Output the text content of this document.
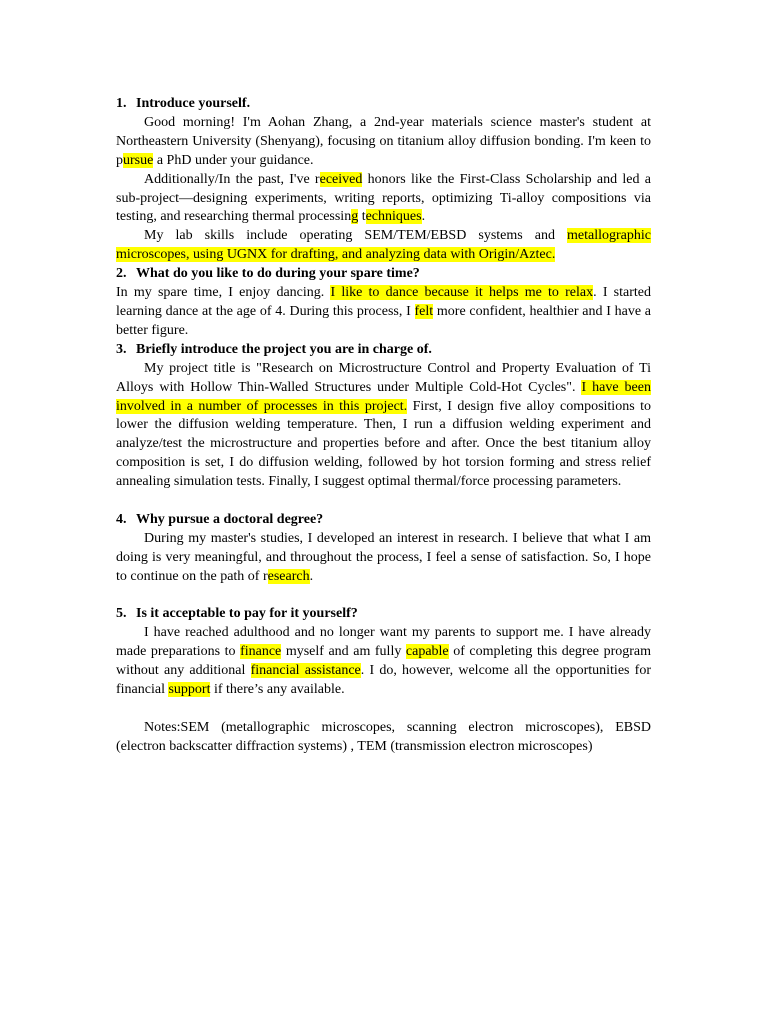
1. Introduce yourself.

Good morning! I'm Aohan Zhang, a 2nd-year materials science master's student at Northeastern University (Shenyang), focusing on titanium alloy diffusion bonding. I'm keen to pursue a PhD under your guidance.

Additionally/In the past, I've received honors like the First-Class Scholarship and led a sub-project—designing experiments, writing reports, optimizing Ti-alloy compositions via testing, and researching thermal processing techniques.

My lab skills include operating SEM/TEM/EBSD systems and metallographic microscopes, using UGNX for drafting, and analyzing data with Origin/Aztec.

2. What do you like to do during your spare time?

In my spare time, I enjoy dancing. I like to dance because it helps me to relax. I started learning dance at the age of 4. During this process, I felt more confident, healthier and I have a better figure.

3. Briefly introduce the project you are in charge of.

My project title is "Research on Microstructure Control and Property Evaluation of Ti Alloys with Hollow Thin-Walled Structures under Multiple Cold-Hot Cycles". I have been involved in a number of processes in this project. First, I design five alloy compositions to lower the diffusion welding temperature. Then, I run a diffusion welding experiment and analyze/test the microstructure and properties before and after. Once the best titanium alloy composition is set, I do diffusion welding, followed by hot torsion forming and stress relief annealing simulation tests. Finally, I suggest optimal thermal/force processing parameters.

4. Why pursue a doctoral degree?

During my master's studies, I developed an interest in research. I believe that what I am doing is very meaningful, and throughout the process, I feel a sense of satisfaction. So, I hope to continue on the path of research.

5. Is it acceptable to pay for it yourself?

I have reached adulthood and no longer want my parents to support me. I have already made preparations to finance myself and am fully capable of completing this degree program without any additional financial assistance. I do, however, welcome all the opportunities for financial support if there’s any available.

Notes:SEM (metallographic microscopes, scanning electron microscopes), EBSD (electron backscatter diffraction systems) , TEM (transmission electron microscopes)
